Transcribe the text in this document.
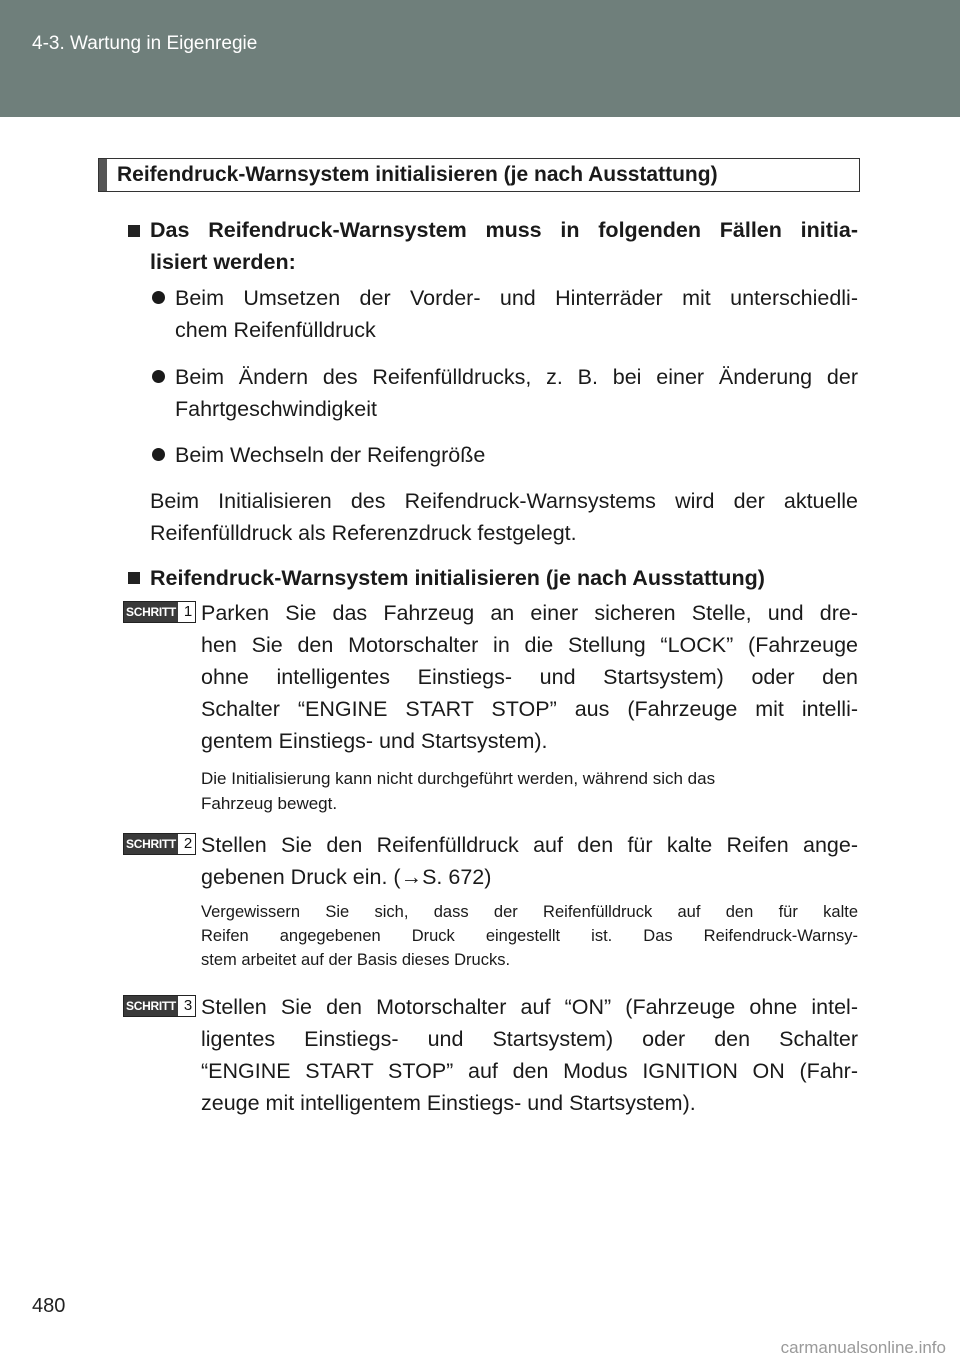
4-3. Wartung in Eigenregie
Reifendruck-Warnsystem initialisieren (je nach Ausstattung)
Das Reifendruck-Warnsystem muss in folgenden Fällen initia-
lisiert werden:
Beim Umsetzen der Vorder- und Hinterräder mit unterschiedli-
chem Reifenfülldruck
Beim Ändern des Reifenfülldrucks, z. B. bei einer Änderung der
Fahrtgeschwindigkeit
Beim Wechseln der Reifengröße
Beim Initialisieren des Reifendruck-Warnsystems wird der aktuelle
Reifenfülldruck als Referenzdruck festgelegt.
Reifendruck-Warnsystem initialisieren (je nach Ausstattung)
SCHRITT 1 Parken Sie das Fahrzeug an einer sicheren Stelle, und dre-
hen Sie den Motorschalter in die Stellung “LOCK” (Fahrzeuge
ohne intelligentes Einstiegs- und Startsystem) oder den
Schalter “ENGINE START STOP” aus (Fahrzeuge mit intelli-
gentem Einstiegs- und Startsystem).
Die Initialisierung kann nicht durchgeführt werden, während sich das
Fahrzeug bewegt.
SCHRITT 2 Stellen Sie den Reifenfülldruck auf den für kalte Reifen ange-
gebenen Druck ein. (→S. 672)
Vergewissern Sie sich, dass der Reifenfülldruck auf den für kalte
Reifen angegebenen Druck eingestellt ist. Das Reifendruck-Warnsy-
stem arbeitet auf der Basis dieses Drucks.
SCHRITT 3 Stellen Sie den Motorschalter auf “ON” (Fahrzeuge ohne intel-
ligentes Einstiegs- und Startsystem) oder den Schalter
“ENGINE START STOP” auf den Modus IGNITION ON (Fahr-
zeuge mit intelligentem Einstiegs- und Startsystem).
480
carmanualsonline.info
